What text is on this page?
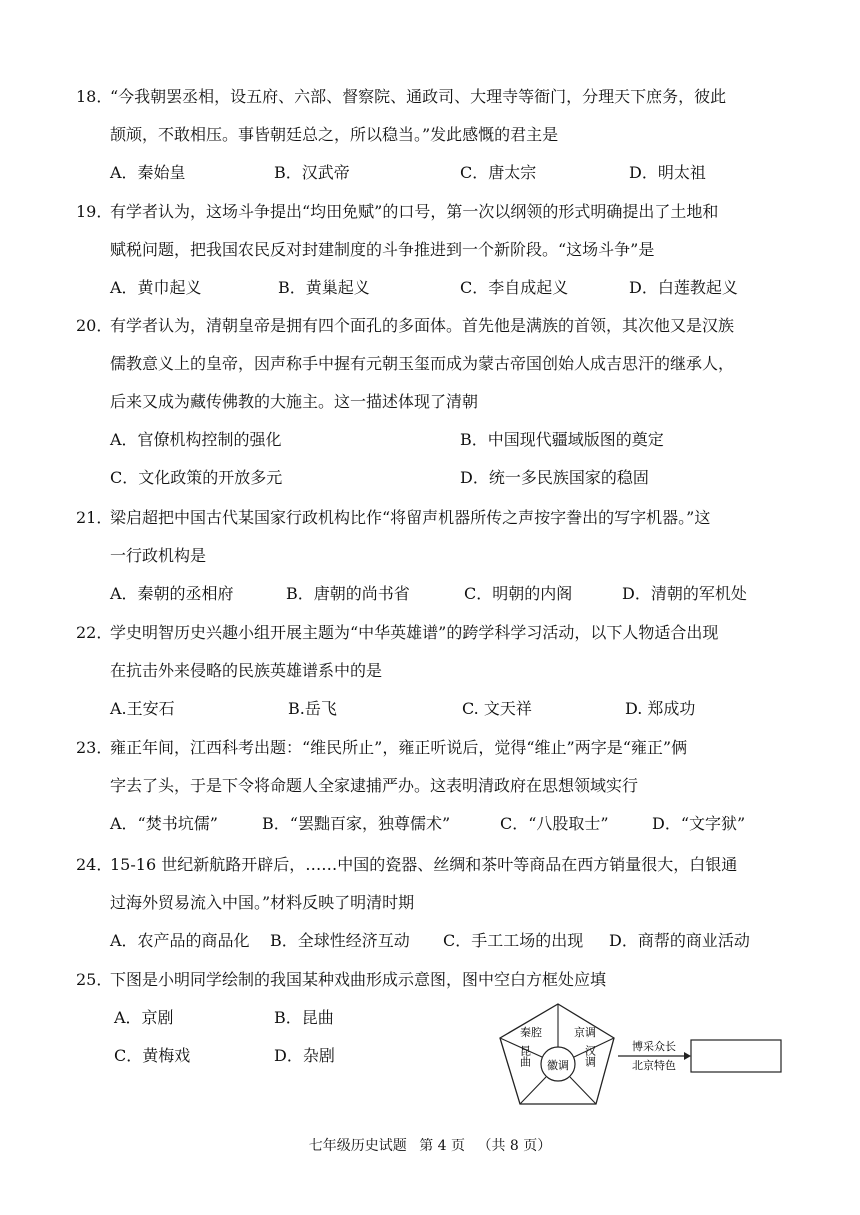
18．“今我朝罢丞相，设五府、六部、督察院、通政司、大理寺等衙门，分理天下庶务，彼此
颉颃，不敢相压。事皆朝廷总之，所以稳当。”发此感慨的君主是
A．秦始皇	B．汉武帝	C．唐太宗	D．明太祖
19．有学者认为，这场斗争提出“均田免赋”的口号，第一次以纲领的形式明确提出了土地和
赋税问题，把我国农民反对封建制度的斗争推进到一个新阶段。“这场斗争”是
A．黄巾起义	B．黄巢起义	C．李自成起义	D．白莲教起义
20．有学者认为，清朝皇帝是拥有四个面孔的多面体。首先他是满族的首领，其次他又是汉族
儒教意义上的皇帝，因声称手中握有元朝玉玺而成为蒙古帝国创始人成吉思汗的继承人，
后来又成为藏传佛教的大施主。这一描述体现了清朝
A．官僚机构控制的强化	B．中国现代疆域版图的奠定
C．文化政策的开放多元	D．统一多民族国家的稳固
21．梁启超把中国古代某国家行政机构比作“将留声机器所传之声按字誊出的写字机器。”这
一行政机构是
A．秦朝的丞相府	B．唐朝的尚书省	C．明朝的内阁	D．清朝的军机处
22．学史明智历史兴趣小组开展主题为“中华英雄谱”的跨学科学习活动，以下人物适合出现
在抗击外来侵略的民族英雄谱系中的是
A.王安石	B.岳飞	C. 文天祥	D. 郑成功
23．雍正年间，江西科考出题：“维民所止”，雍正听说后，觉得“维止”两字是“雍正”俩
字去了头，于是下令将命题人全家逮捕严办。这表明清政府在思想领域实行
A．“焚书坑儒”	B．“罢黜百家，独尊儒术”	C．“八股取士”	D．“文字狱”
24．15-16 世纪新航路开辟后，……中国的瓷器、丝绸和茶叶等商品在西方销量很大，白银通
过海外贸易流入中国。”材料反映了明清时期
A．农产品的商品化 B．全球性经济互动 C．手工工场的出现 D．商帮的商业活动
25．下图是小明同学绘制的我国某种戏曲形成示意图，图中空白方框处应填
A．京剧	B．昆曲
C．黄梅戏	D．杂剧
徽调
秦腔	京调
汉调
昆曲	博采众长
北京特色
七年级历史试题 第 4 页 （共 8 页）
